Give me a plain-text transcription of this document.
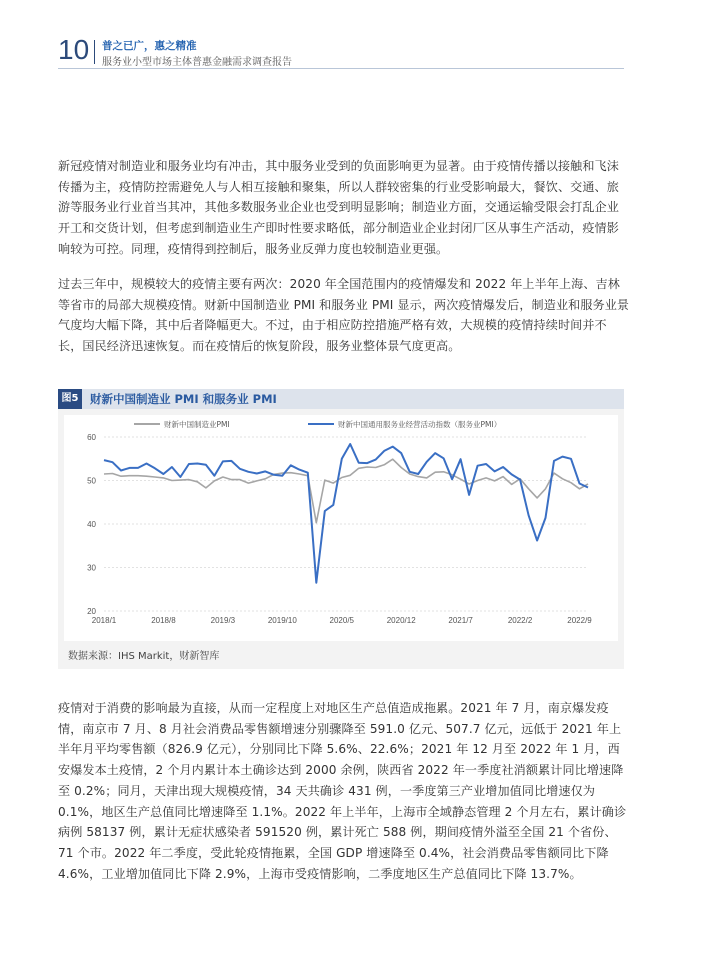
10 普之已广，惠之精准
服务业小型市场主体普惠金融需求调查报告
新冠疫情对制造业和服务业均有冲击，其中服务业受到的负面影响更为显著。由于疫情传播以接触和飞沫传播为主，疫情防控需避免人与人相互接触和聚集，所以人群较密集的行业受影响最大，餐饮、交通、旅游等服务业行业首当其冲，其他多数服务业企业也受到明显影响；制造业方面，交通运输受限会打乱企业开工和交货计划，但考虑到制造业生产即时性要求略低，部分制造业企业封闭厂区从事生产活动，疫情影响较为可控。同理，疫情得到控制后，服务业反弹力度也较制造业更强。
过去三年中，规模较大的疫情主要有两次：2020 年全国范围内的疫情爆发和 2022 年上半年上海、吉林等省市的局部大规模疫情。财新中国制造业 PMI 和服务业 PMI 显示，两次疫情爆发后，制造业和服务业景气度均大幅下降，其中后者降幅更大。不过，由于相应防控措施严格有效，大规模的疫情持续时间并不长，国民经济迅速恢复。而在疫情后的恢复阶段，服务业整体景气度更高。
图5	财新中国制造业 PMI 和服务业 PMI
20
30
40
50
60
2018/1	2018/8	2019/3	2019/10	2020/5	2020/12	2021/7	2022/2	2022/9
财新中国制造业PMI	财新中国通用服务业经营活动指数（服务业PMI）
数据来源：IHS Markit，财新智库
疫情对于消费的影响最为直接，从而一定程度上对地区生产总值造成拖累。2021 年 7 月，南京爆发疫情，南京市 7 月、8 月社会消费品零售额增速分别骤降至 591.0 亿元、507.7 亿元，远低于 2021 年上半年月平均零售额（826.9 亿元），分别同比下降 5.6%、22.6%；2021 年 12 月至 2022 年 1 月，西安爆发本土疫情，2 个月内累计本土确诊达到 2000 余例，陕西省 2022 年一季度社消额累计同比增速降至 0.2%；同月，天津出现大规模疫情，34 天共确诊 431 例，一季度第三产业增加值同比增速仅为 0.1%，地区生产总值同比增速降至 1.1%。2022 年上半年，上海市全域静态管理 2 个月左右，累计确诊病例 58137 例，累计无症状感染者 591520 例，累计死亡 588 例，期间疫情外溢至全国 21 个省份、71 个市。2022 年二季度，受此轮疫情拖累，全国 GDP 增速降至 0.4%，社会消费品零售额同比下降 4.6%，工业增加值同比下降 2.9%，上海市受疫情影响，二季度地区生产总值同比下降 13.7%。
